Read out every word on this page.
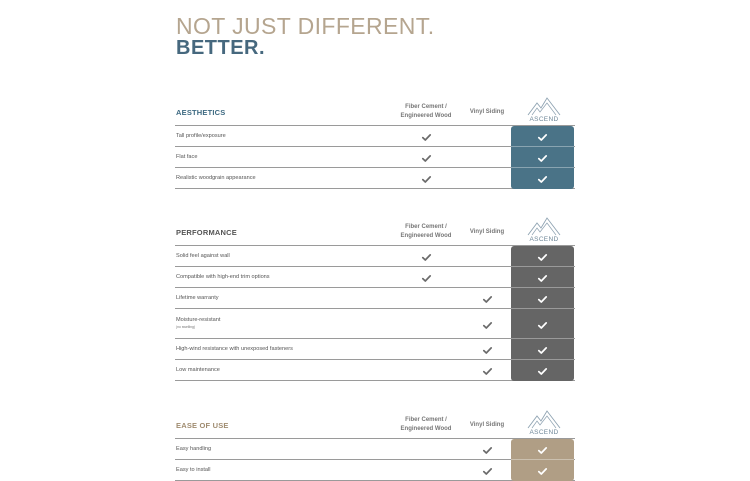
NOT JUST DIFFERENT.
BETTER.
AESTHETICS
Fiber Cement /
Engineered Wood
Vinyl Siding
ASCEND
Tall profile/exposure
Flat face
Realistic woodgrain appearance
PERFORMANCE
Fiber Cement /
Engineered Wood
Vinyl Siding
ASCEND
Solid feel against wall
Compatible with high-end trim options
Lifetime warranty
Moisture-resistant
(no swelling)
High-wind resistance with unexposed fasteners
Low maintenance
EASE OF USE
Fiber Cement /
Engineered Wood
Vinyl Siding
ASCEND
Easy handling
Easy to install
